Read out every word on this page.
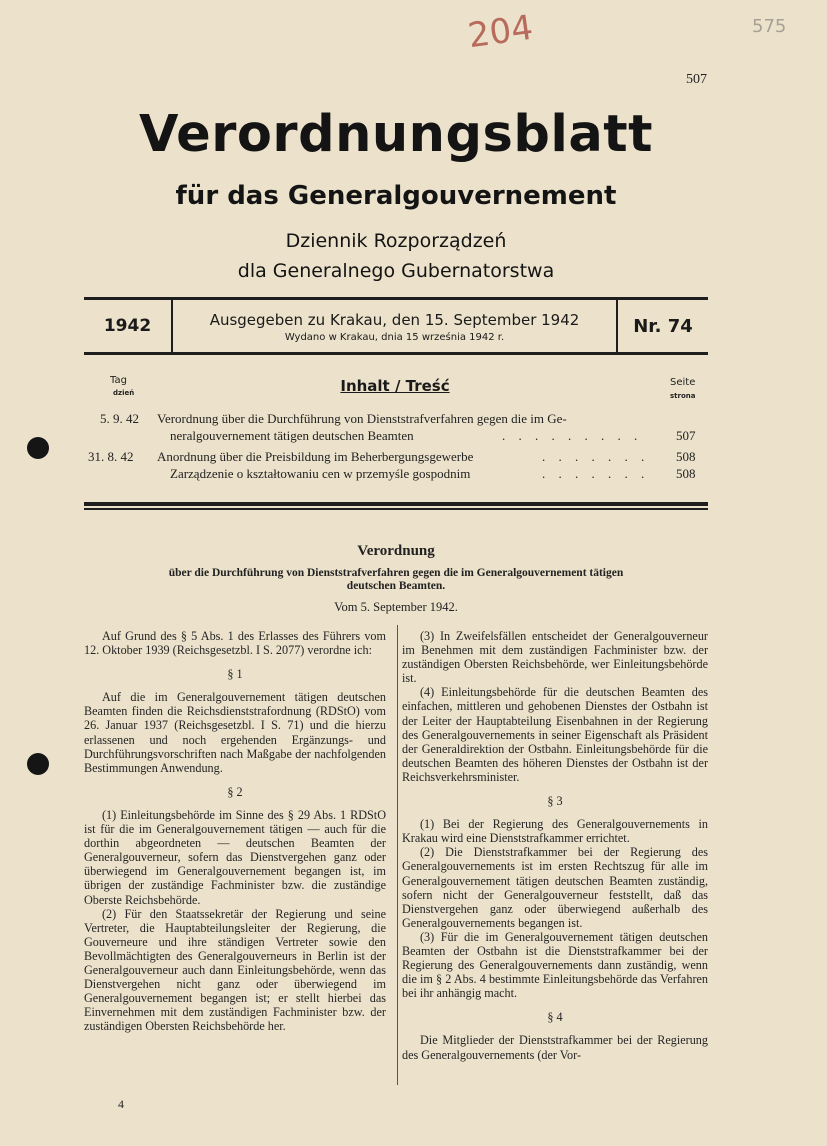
204	575
507
Verordnungsblatt
für das Generalgouvernement
Dziennik Rozporządzeń
dla Generalnego Gubernatorstwa
1942	Ausgegeben zu Krakau, den 15. September 1942
Wydano w Krakau, dnia 15 września 1942 r.
Nr. 74
Tag
dzień	Inhalt / Treść	Seite
strona
5. 9. 42 Verordnung über die Durchführung von Dienststrafverfahren gegen die im Ge-
neralgouvernement tätigen deutschen Beamten	. . . . . . . . .	507
31. 8. 42 Anordnung über die Preisbildung im Beherbergungsgewerbe	. . . . . . . 508
Zarządzenie o kształtowaniu cen w przemyśle gospodnim	. . . . . . . 508
Verordnung
über die Durchführung von Dienststrafverfahren gegen die im Generalgouvernement tätigen
deutschen Beamten.
Vom 5. September 1942.

Auf Grund des § 5 Abs. 1 des Erlasses des Führers vom 12. Oktober 1939 (Reichsgesetzbl. I S. 2077) verordne ich:

§ 1

Auf die im Generalgouvernement tätigen deutschen Beamten finden die Reichsdienststrafordnung (RDStO) vom 26. Januar 1937 (Reichsgesetzbl. I S. 71) und die hierzu erlassenen und noch ergehenden Ergänzungs- und Durchführungsvorschriften nach Maßgabe der nachfolgenden Bestimmungen Anwendung.

§ 2

(1) Einleitungsbehörde im Sinne des § 29 Abs. 1 RDStO ist für die im Generalgouvernement tätigen — auch für die dorthin abgeordneten — deutschen Beamten der Generalgouverneur, sofern das Dienstvergehen ganz oder überwiegend im Generalgouvernement begangen ist, im übrigen der zuständige Fachminister bzw. die zuständige Oberste Reichsbehörde.

(2) Für den Staatssekretär der Regierung und seine Vertreter, die Hauptabteilungsleiter der Regierung, die Gouverneure und ihre ständigen Vertreter sowie den Bevollmächtigten des Generalgouverneurs in Berlin ist der Generalgouverneur auch dann Einleitungsbehörde, wenn das Dienstvergehen nicht ganz oder überwiegend im Generalgouvernement begangen ist; er stellt hierbei das Einvernehmen mit dem zuständigen Fachminister bzw. der zuständigen Obersten Reichsbehörde her.

4

(3) In Zweifelsfällen entscheidet der Generalgouverneur im Benehmen mit dem zuständigen Fachminister bzw. der zuständigen Obersten Reichsbehörde, wer Einleitungsbehörde ist.

(4) Einleitungsbehörde für die deutschen Beamten des einfachen, mittleren und gehobenen Dienstes der Ostbahn ist der Leiter der Hauptabteilung Eisenbahnen in der Regierung des Generalgouvernements in seiner Eigenschaft als Präsident der Generaldirektion der Ostbahn. Einleitungsbehörde für die deutschen Beamten des höheren Dienstes der Ostbahn ist der Reichsverkehrsminister.

§ 3

(1) Bei der Regierung des Generalgouvernements in Krakau wird eine Dienststrafkammer errichtet.

(2) Die Dienststrafkammer bei der Regierung des Generalgouvernements ist im ersten Rechtszug für alle im Generalgouvernement tätigen deutschen Beamten zuständig, sofern nicht der Generalgouverneur feststellt, daß das Dienstvergehen ganz oder überwiegend außerhalb des Generalgouvernements begangen ist.

(3) Für die im Generalgouvernement tätigen deutschen Beamten der Ostbahn ist die Dienststrafkammer bei der Regierung des Generalgouvernements dann zuständig, wenn die im § 2 Abs. 4 bestimmte Einleitungsbehörde das Verfahren bei ihr anhängig macht.

§ 4

Die Mitglieder der Dienststrafkammer bei der Regierung des Generalgouvernements (der Vor-
